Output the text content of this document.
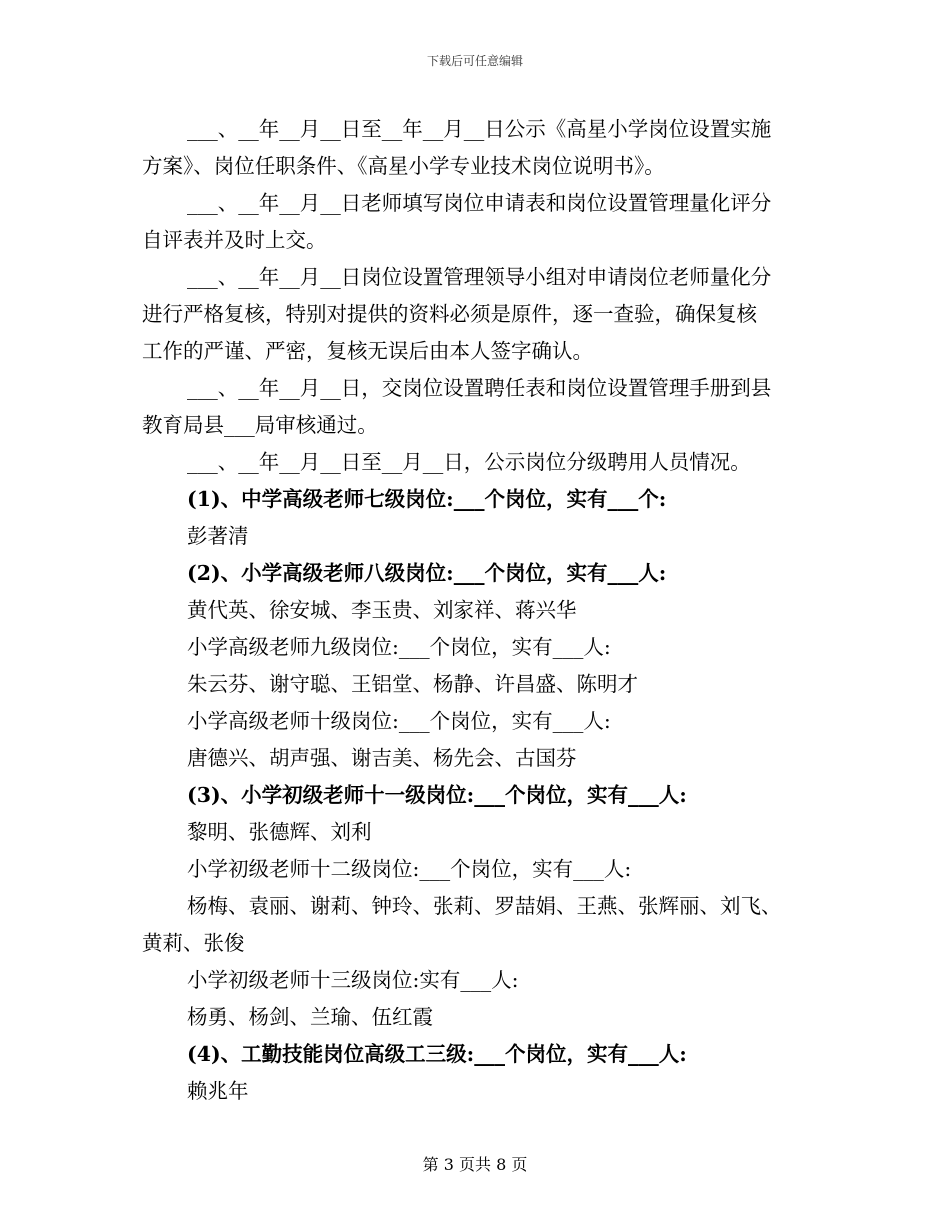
下载后可任意编辑
___、__年__月__日至__年__月__日公示《高星小学岗位设置实施
方案》、岗位任职条件、《高星小学专业技术岗位说明书》。
___、__年__月__日老师填写岗位申请表和岗位设置管理量化评分
自评表并及时上交。
___、__年__月__日岗位设置管理领导小组对申请岗位老师量化分
进行严格复核，特别对提供的资料必须是原件，逐一查验，确保复核
工作的严谨、严密，复核无误后由本人签字确认。
___、__年__月__日，交岗位设置聘任表和岗位设置管理手册到县
教育局县___局审核通过。
___、__年__月__日至__月__日，公示岗位分级聘用人员情况。
(1)、中学高级老师七级岗位:___个岗位，实有___个:
彭著清
(2)、小学高级老师八级岗位:___个岗位，实有___人:
黄代英、徐安城、李玉贵、刘家祥、蒋兴华
小学高级老师九级岗位:___个岗位，实有___人:
朱云芬、谢守聪、王铝堂、杨静、许昌盛、陈明才
小学高级老师十级岗位:___个岗位，实有___人:
唐德兴、胡声强、谢吉美、杨先会、古国芬
(3)、小学初级老师十一级岗位:___个岗位，实有___人:
黎明、张德辉、刘利
小学初级老师十二级岗位:___个岗位，实有___人:
杨梅、袁丽、谢莉、钟玲、张莉、罗喆娟、王燕、张辉丽、刘飞、
黄莉、张俊
小学初级老师十三级岗位:实有___人:
杨勇、杨剑、兰瑜、伍红霞
(4)、工勤技能岗位高级工三级:___个岗位，实有___人:
赖兆年
第 3 页共 8 页
